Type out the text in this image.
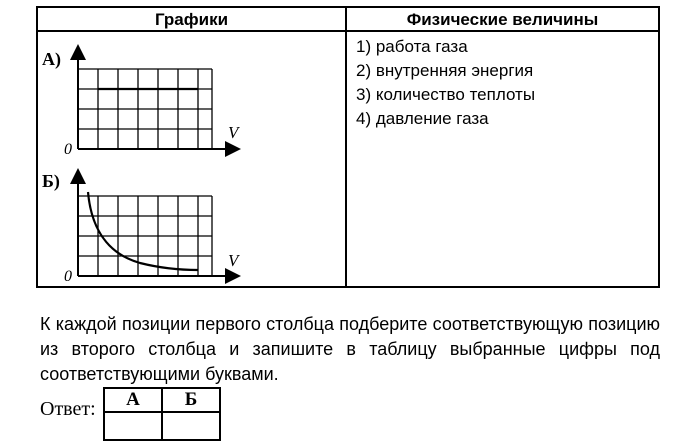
Графики	Физические величины
А)
0
V
Б)
0
V
1) работа газа
2) внутренняя энергия
3) количество теплоты
4) давление газа

К каждой позиции первого столбца подберите соответствующую позицию из второго столбца и запишите в таблицу выбранные цифры под соответствующими буквами.

Ответ: А	Б
